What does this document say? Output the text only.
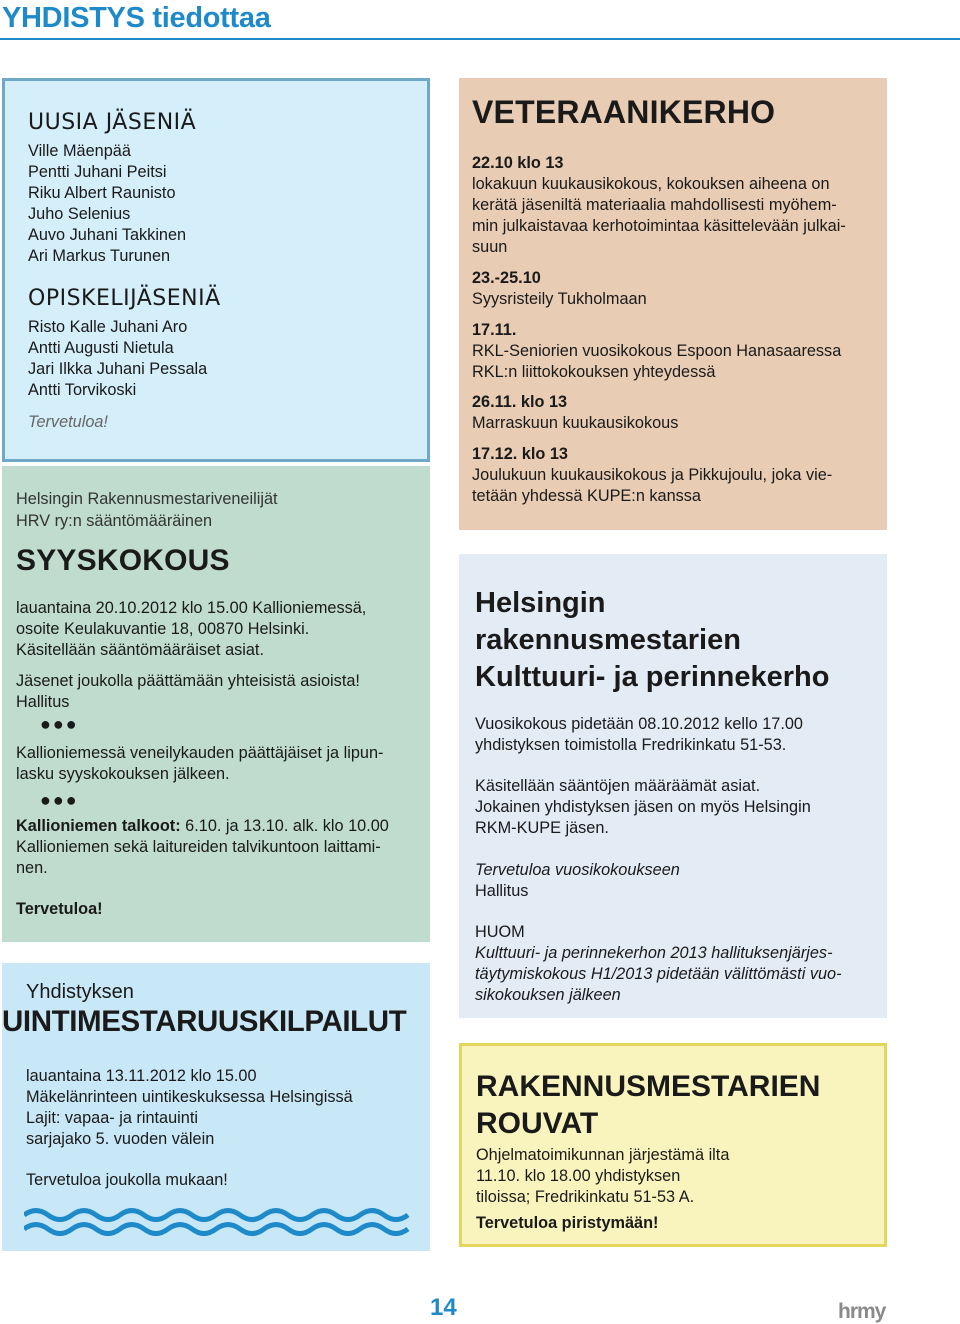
YHDISTYS tiedottaa
UUSIA JÄSENIÄ
Ville Mäenpää
Pentti Juhani Peitsi
Riku Albert Raunisto
Juho Selenius
Auvo Juhani Takkinen
Ari Markus Turunen
OPISKELIJÄSENIÄ
Risto Kalle Juhani Aro
Antti Augusti Nietula
Jari Ilkka Juhani Pessala
Antti Torvikoski
Tervetuloa!
Helsingin Rakennusmestariveneilijät
HRV ry:n sääntömääräinen
SYYSKOKOUS
lauantaina 20.10.2012 klo 15.00 Kallioniemessä,
osoite Keulakuvantie 18, 00870 Helsinki.
Käsitellään sääntömääräiset asiat.
Jäsenet joukolla päättämään yhteisistä asioista!
Hallitus
●●●
Kallioniemessä veneilykauden päättäjäiset ja lipun-
lasku syyskokouksen jälkeen.
●●●
Kallioniemen talkoot: 6.10. ja 13.10. alk. klo 10.00
Kallioniemen sekä laitureiden talvikuntoon laittami-
nen.
Tervetuloa!
Yhdistyksen
UINTIMESTARUUSKILPAILUT
lauantaina 13.11.2012 klo 15.00
Mäkelänrinteen uintikeskuksessa Helsingissä
Lajit: vapaa- ja rintauinti
sarjajako 5. vuoden välein
Tervetuloa joukolla mukaan!
VETERAANIKERHO
22.10 klo 13
lokakuun kuukausikokous, kokouksen aiheena on
kerätä jäseniltä materiaalia mahdollisesti myöhem-
min julkaistavaa kerhotoimintaa käsittelevään julkai-
suun
23.-25.10
Syysristeily Tukholmaan
17.11.
RKL-Seniorien vuosikokous Espoon Hanasaaressa
RKL:n liittokokouksen yhteydessä
26.11. klo 13
Marraskuun kuukausikokous
17.12. klo 13
Joulukuun kuukausikokous ja Pikkujoulu, joka vie-
tetään yhdessä KUPE:n kanssa
Helsingin
rakennusmestarien
Kulttuuri- ja perinnekerho
Vuosikokous pidetään 08.10.2012 kello 17.00
yhdistyksen toimistolla Fredrikinkatu 51-53.
Käsitellään sääntöjen määräämät asiat.
Jokainen yhdistyksen jäsen on myös Helsingin
RKM-KUPE jäsen.
Tervetuloa vuosikokoukseen
Hallitus
HUOM
Kulttuuri- ja perinnekerhon 2013 hallituksenjärjes-
täytymiskokous H1/2013 pidetään välittömästi vuo-
sikokouksen jälkeen
RAKENNUSMESTARIEN
ROUVAT
Ohjelmatoimikunnan järjestämä ilta
11.10. klo 18.00 yhdistyksen
tiloissa; Fredrikinkatu 51-53 A.
Tervetuloa piristymään!
14	hrmy
